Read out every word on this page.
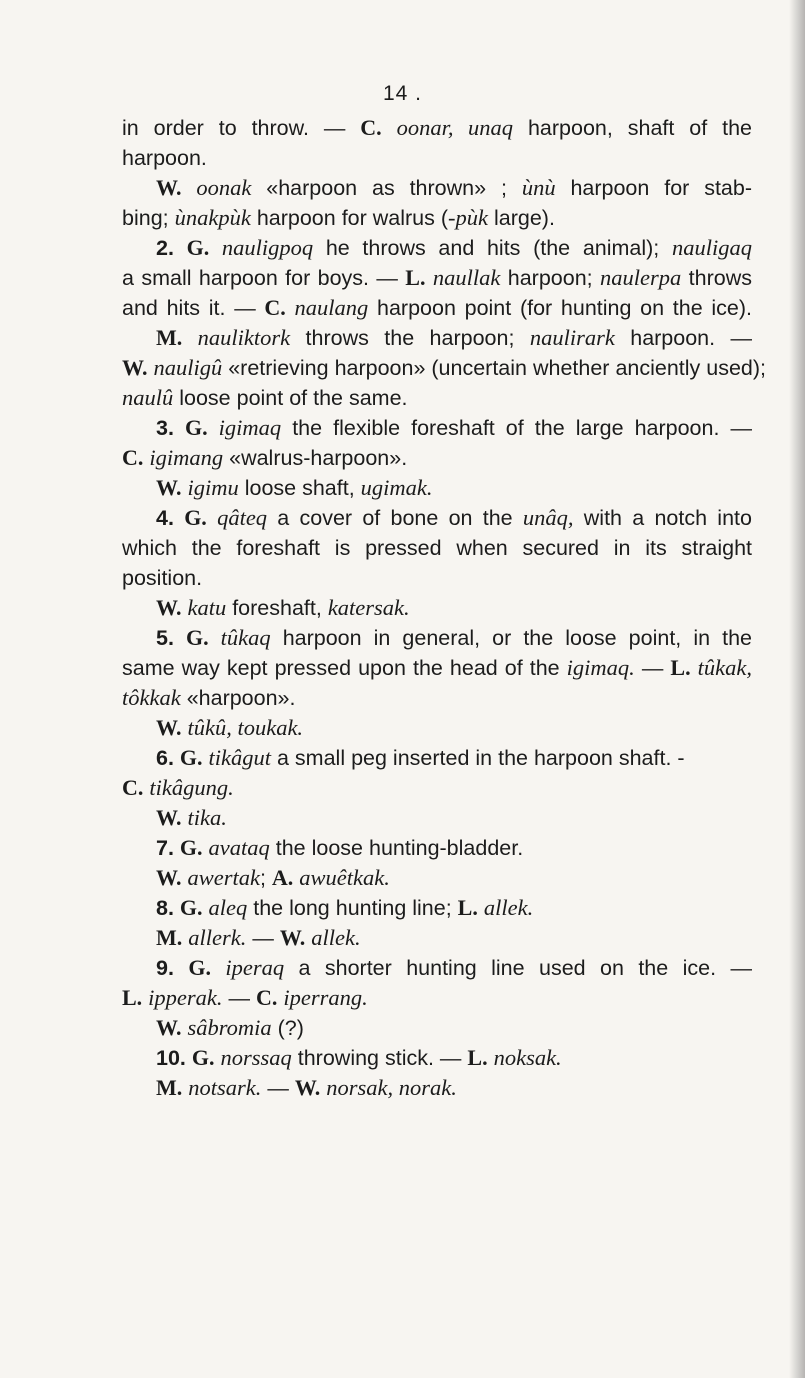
14 .
in order to throw. — C. oonar, unaq harpoon, shaft of the
harpoon.
W. oonak «harpoon as thrown» ; ùnù harpoon for stab-
bing; ùnakpùk harpoon for walrus (-pùk large).
2. G. nauligpoq he throws and hits (the animal); nauligaq
a small harpoon for boys. — L. naullak harpoon; naulerpa throws
and hits it. — C. naulang harpoon point (for hunting on the ice).
M. nauliktork throws the harpoon; naulirark harpoon. —
W. nauligû «retrieving harpoon» (uncertain whether anciently used);
naulû loose point of the same.
3. G. igimaq the flexible foreshaft of the large harpoon. —
C. igimang «walrus-harpoon».
W. igimu loose shaft, ugimak.
4. G. qâteq a cover of bone on the unâq, with a notch into
which the foreshaft is pressed when secured in its straight
position.
W. katu foreshaft, katersak.
5. G. tûkaq harpoon in general, or the loose point, in the
same way kept pressed upon the head of the igimaq. — L. tûkak,
tôkkak «harpoon».
W. tûkû, toukak.
6. G. tikâgut a small peg inserted in the harpoon shaft. -
C. tikâgung.
W. tika.
7. G. avataq the loose hunting-bladder.
W. awertak; A. awuêtkak.
8. G. aleq the long hunting line; L. allek.
M. allerk. — W. allek.
9. G. iperaq a shorter hunting line used on the ice. —
L. ipperak. — C. iperrang.
W. sâbromia (?)
10. G. norssaq throwing stick. — L. noksak.
M. notsark. — W. norsak, norak.
